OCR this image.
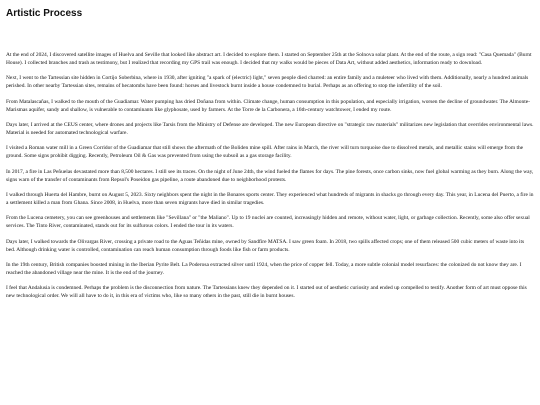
Artistic Process

At the end of 2024, I discovered satellite images of Huelva and Seville that looked like abstract art. I decided to explore them. I started on September 25th at the Solnova solar plant. At the end of the route, a sign read: "Casa Quemada" (Burnt House). I collected branches and trash as testimony, but I realized that recording my GPS trail was enough. I decided that my walks would be pieces of Data Art, without added aesthetics, information ready to download.

Next, I went to the Tartessian site hidden in Cortijo Soberbina, where in 1930, after igniting "a spark of (electric) light," seven people died charred: an entire family and a muleteer who lived with them. Additionally, nearly a hundred animals perished. In other nearby Tartessian sites, remains of hecatombs have been found: horses and livestock burnt inside a house condemned to burial. Perhaps as an offering to stop the infertility of the soil.

From Matalascañas, I walked to the mouth of the Guadiamar. Water pumping has dried Doñana from within. Climate change, human consumption in this population, and especially irrigation, worsen the decline of groundwater. The Almonte-Marismas aquifer, sandy and shallow, is vulnerable to contaminants like glyphosate, used by farmers. At the Torre de la Carbonera, a 16th-century watchtower, I ended my route.

Days later, I arrived at the CEUS center, where drones and projects like Tarsis from the Ministry of Defense are developed. The new European directive on "strategic raw materials" militarizes new legislation that overrides environmental laws. Material is needed for automated technological warfare.

I visited a Roman water mill in a Green Corridor of the Guadiamar that still shows the aftermath of the Boliden mine spill. After rains in March, the river will turn turquoise due to dissolved metals, and metallic stains will emerge from the ground. Some signs prohibit digging. Recently, Petroleum Oil & Gas was prevented from using the subsoil as a gas storage facility.

In 2017, a fire in Las Peñuelas devastated more than 8,500 hectares. I still see its traces. On the night of June 24th, the wind fueled the flames for days. The pine forests, once carbon sinks, now fuel global warming as they burn. Along the way, signs warn of the transfer of contaminants from Repsol's Poseidon gas pipeline, a route abandoned due to neighborhood protests.

I walked through Huerta del Hambre, burnt on August 5, 2023. Sixty neighbors spent the night in the Bonares sports center. They experienced what hundreds of migrants in shacks go through every day. This year, in Lucena del Puerto, a fire in a settlement killed a man from Ghana. Since 2008, in Huelva, more than seven migrants have died in similar tragedies.

From the Lucena cemetery, you can see greenhouses and settlements like "Sevillana" or "the Maliano". Up to 19 nuclei are counted, increasingly hidden and remote, without water, light, or garbage collection. Recently, some also offer sexual services. The Tinto River, contaminated, stands out for its sulfurous colors. I ended the tour in its waters.

Days later, I walked towards the Olivargas River, crossing a private road to the Aguas Teñidas mine, owned by Sandfire MATSA. I saw green foam. In 2018, two spills affected crops; one of them released 500 cubic meters of waste into its bed. Although drinking water is controlled, contamination can reach human consumption through foods like fish or farm products.

In the 19th century, British companies boosted mining in the Iberian Pyrite Belt. La Poderosa extracted silver until 1924, when the price of copper fell. Today, a more subtle colonial model resurfaces: the colonized do not know they are. I reached the abandoned village near the mine. It is the end of the journey.

I feel that Andalusia is condemned. Perhaps the problem is the disconnection from nature. The Tartessians knew they depended on it. I started out of aesthetic curiosity and ended up compelled to testify. Another form of art must oppose this new technological order. We will all have to do it, in this era of victims who, like so many others in the past, still die in burnt houses.
